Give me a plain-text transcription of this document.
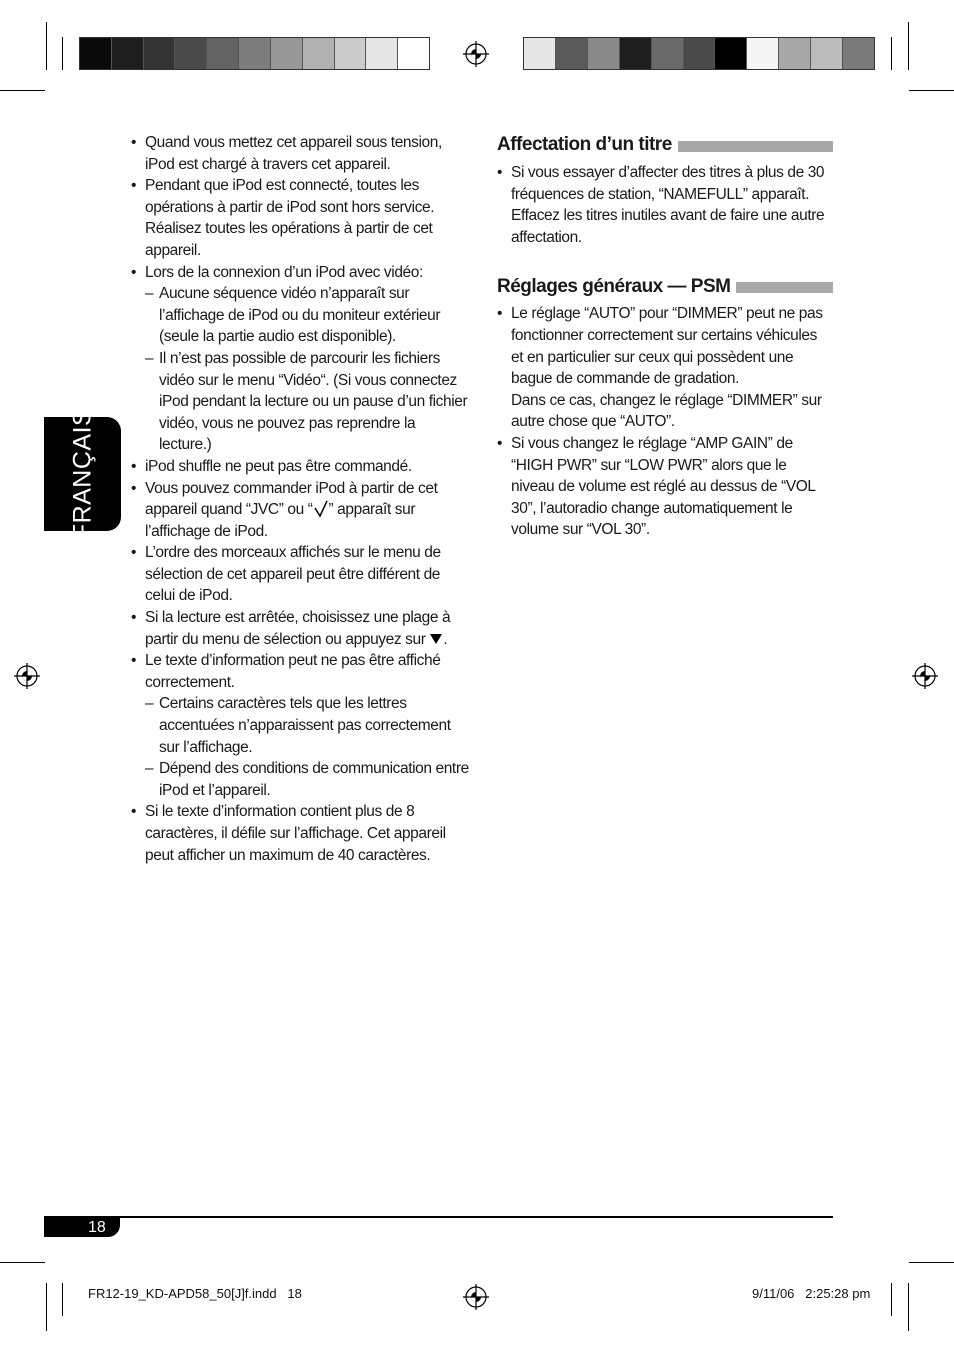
FRANÇAIS
• Quand vous mettez cet appareil sous tension, iPod est chargé à travers cet appareil.
• Pendant que iPod est connecté, toutes les opérations à partir de iPod sont hors service. Réalisez toutes les opérations à partir de cet appareil.
• Lors de la connexion d’un iPod avec vidéo:
– Aucune séquence vidéo n’apparaît sur l’affichage de iPod ou du moniteur extérieur (seule la partie audio est disponible).
– Il n’est pas possible de parcourir les fichiers vidéo sur le menu “Vidéo“. (Si vous connectez iPod pendant la lecture ou un pause d’un fichier vidéo, vous ne pouvez pas reprendre la lecture.)
• iPod shuffle ne peut pas être commandé.
• Vous pouvez commander iPod à partir de cet appareil quand “JVC” ou “ ” apparaît sur l’affichage de iPod.
• L’ordre des morceaux affichés sur le menu de sélection de cet appareil peut être différent de celui de iPod.
• Si la lecture est arrêtée, choisissez une plage à partir du menu de sélection ou appuyez sur .
• Le texte d’information peut ne pas être affiché correctement.
– Certains caractères tels que les lettres accentuées n’apparaissent pas correctement sur l’affichage.
– Dépend des conditions de communication entre iPod et l’appareil.
• Si le texte d’information contient plus de 8 caractères, il défile sur l’affichage. Cet appareil peut afficher un maximum de 40 caractères.
Affectation d’un titre
• Si vous essayer d’affecter des titres à plus de 30 fréquences de station, “NAMEFULL” apparaît. Effacez les titres inutiles avant de faire une autre affectation.
Réglages généraux — PSM
• Le réglage “AUTO” pour “DIMMER” peut ne pas fonctionner correctement sur certains véhicules et en particulier sur ceux qui possèdent une bague de commande de gradation.
Dans ce cas, changez le réglage “DIMMER” sur autre chose que “AUTO”.
• Si vous changez le réglage “AMP GAIN” de “HIGH PWR” sur “LOW PWR” alors que le niveau de volume est réglé au dessus de “VOL 30”, l’autoradio change automatiquement le volume sur “VOL 30”.
18
FR12-19_KD-APD58_50[J]f.indd   18	9/11/06   2:25:28 pm
